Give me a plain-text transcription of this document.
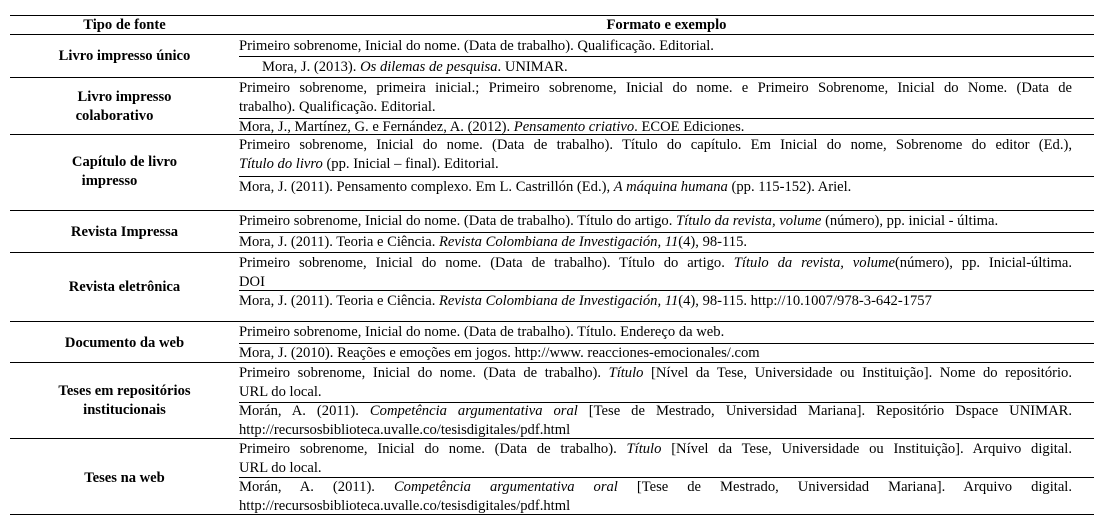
Tipo de fonte	Formato e exemplo
Livro impresso único
Primeiro sobrenome, Inicial do nome. (Data de trabalho). Qualificação. Editorial.
Mora, J. (2013). Os dilemas de pesquisa. UNIMAR.
Livro impresso
colaborativo
Primeiro sobrenome, primeira inicial.; Primeiro sobrenome, Inicial do nome. e Primeiro Sobrenome, Inicial do Nome. (Data de
trabalho). Qualificação. Editorial.
Mora, J., Martínez, G. e Fernández, A. (2012). Pensamento criativo. ECOE Ediciones.
Capítulo de livro
impresso
Primeiro sobrenome, Inicial do nome. (Data de trabalho). Título do capítulo. Em Inicial do nome, Sobrenome do editor (Ed.),
Título do livro (pp. Inicial – final). Editorial.
Mora, J. (2011). Pensamento complexo. Em L. Castrillón (Ed.), A máquina humana (pp. 115-152). Ariel.
Revista Impressa
Primeiro sobrenome, Inicial do nome. (Data de trabalho). Título do artigo. Título da revista, volume (número), pp. inicial - última.
Mora, J. (2011). Teoria e Ciência. Revista Colombiana de Investigación, 11(4), 98-115.
Revista eletrônica
Primeiro sobrenome, Inicial do nome. (Data de trabalho). Título do artigo. Título da revista, volume(número), pp. Inicial-última.
DOI
Mora, J. (2011). Teoria e Ciência. Revista Colombiana de Investigación, 11(4), 98-115. http://10.1007/978-3-642-1757
Documento da web
Primeiro sobrenome, Inicial do nome. (Data de trabalho). Título. Endereço da web.
Mora, J. (2010). Reações e emoções em jogos. http://www. reacciones-emocionales/.com
Teses em repositórios
institucionais
Primeiro sobrenome, Inicial do nome. (Data de trabalho). Título [Nível da Tese, Universidade ou Instituição]. Nome do repositório.
URL do local.
Morán, A. (2011). Competência argumentativa oral [Tese de Mestrado, Universidad Mariana]. Repositório Dspace UNIMAR.
http://recursosbiblioteca.uvalle.co/tesisdigitales/pdf.html
Teses na web
Primeiro sobrenome, Inicial do nome. (Data de trabalho). Título [Nível da Tese, Universidade ou Instituição]. Arquivo digital.
URL do local.
Morán, A. (2011). Competência argumentativa oral [Tese de Mestrado, Universidad Mariana]. Arquivo digital.
http://recursosbiblioteca.uvalle.co/tesisdigitales/pdf.html
